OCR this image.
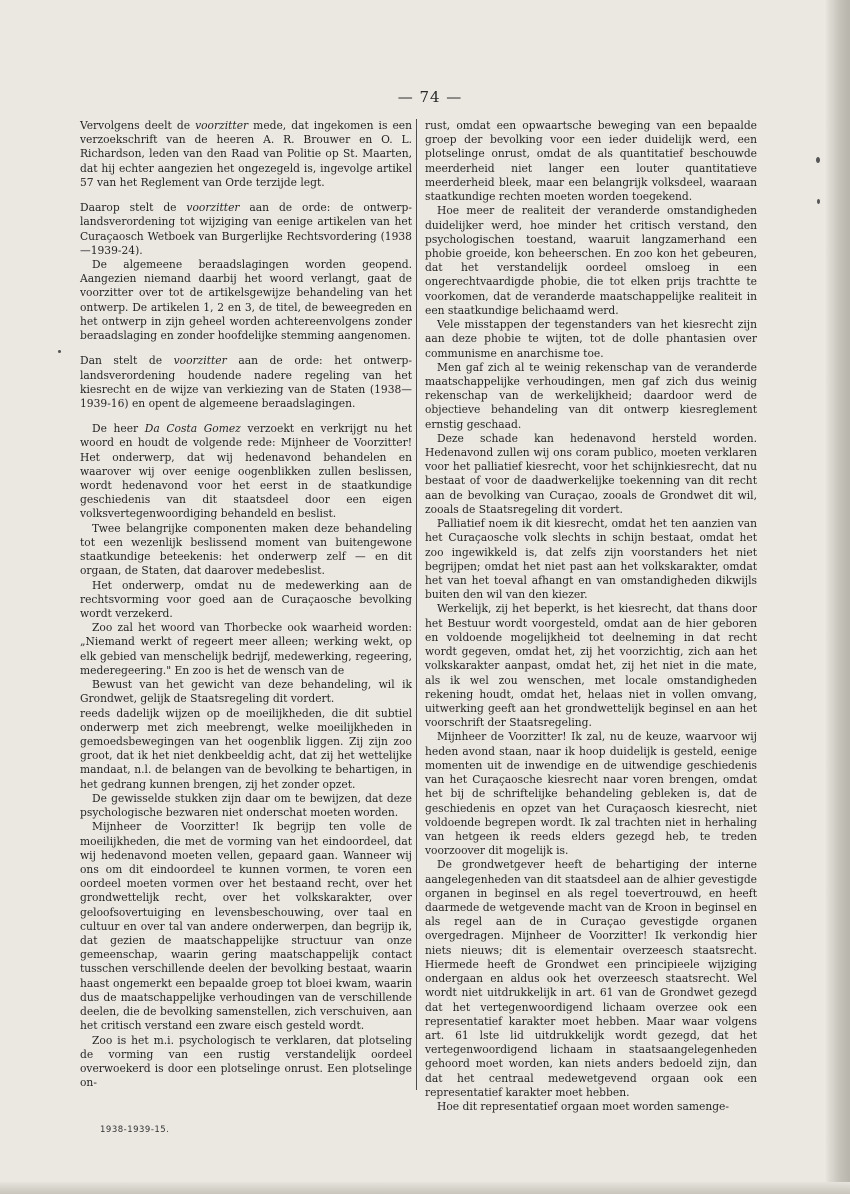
— 74 —

Vervolgens deelt de voorzitter mede, dat ingekomen is een verzoekschrift van de heeren A. R. Brouwer en O. L. Richardson, leden van den Raad van Politie op St. Maarten, dat hij echter aangezien het ongezegeld is, ingevolge artikel 57 van het Reglement van Orde terzijde legt.

Daarop stelt de voorzitter aan de orde: de ontwerp-landsverordening tot wijziging van eenige artikelen van het Curaçaosch Wetboek van Burgerlijke Rechtsvordering (1938—1939-24).

De algemeene beraadslagingen worden geopend. Aangezien niemand daarbij het woord verlangt, gaat de voorzitter over tot de artikelsgewijze behandeling van het ontwerp. De artikelen 1, 2 en 3, de titel, de beweegreden en het ontwerp in zijn geheel worden achtereenvolgens zonder beraadslaging en zonder hoofdelijke stemming aangenomen.

Dan stelt de voorzitter aan de orde: het ontwerp-landsverordening houdende nadere regeling van het kiesrecht en de wijze van verkiezing van de Staten (1938—1939-16) en opent de algemeene beraadslagingen.

De heer Da Costa Gomez verzoekt en verkrijgt nu het woord en houdt de volgende rede: Mijnheer de Voorzitter! Het onderwerp, dat wij hedenavond behandelen en waarover wij over eenige oogenblikken zullen beslissen, wordt hedenavond voor het eerst in de staatkundige geschiedenis van dit staatsdeel door een eigen volksvertegenwoordiging behandeld en beslist.

Twee belangrijke componenten maken deze behandeling tot een wezenlijk beslissend moment van buitengewone staatkundige beteekenis: het onderwerp zelf — en dit orgaan, de Staten, dat daarover medebeslist.

Het onderwerp, omdat nu de medewerking aan de rechtsvorming voor goed aan de Curaçaosche bevolking wordt verzekerd.

Zoo zal het woord van Thorbecke ook waarheid worden: „Niemand werkt of regeert meer alleen; werking wekt, op elk gebied van menschelijk bedrijf, medewerking, regeering, mederegeering." En zoo is het de wensch van de

Bewust van het gewicht van deze behandeling, wil ik Grondwet, gelijk de Staatsregeling dit vordert.

reeds dadelijk wijzen op de moeilijkheden, die dit subtiel onderwerp met zich meebrengt, welke moeilijkheden in gemoedsbewegingen van het oogenblik liggen. Zij zijn zoo groot, dat ik het niet denkbeeldig acht, dat zij het wettelijke mandaat, n.l. de belangen van de bevolking te behartigen, in het gedrang kunnen brengen, zij het zonder opzet.

De gewisselde stukken zijn daar om te bewijzen, dat deze psychologische bezwaren niet onderschat moeten worden.

Mijnheer de Voorzitter! Ik begrijp ten volle de moeilijkheden, die met de vorming van het eindoordeel, dat wij hedenavond moeten vellen, gepaard gaan. Wanneer wij ons om dit eindoordeel te kunnen vormen, te voren een oordeel moeten vormen over het bestaand recht, over het grondwettelijk recht, over het volkskarakter, over geloofsovertuiging en levensbeschouwing, over taal en cultuur en over tal van andere onderwerpen, dan begrijp ik, dat gezien de maatschappelijke structuur van onze gemeenschap, waarin gering maatschappelijk contact tusschen verschillende deelen der bevolking bestaat, waarin haast ongemerkt een bepaalde groep tot bloei kwam, waarin dus de maatschappelijke verhoudingen van de verschillende deelen, die de bevolking samenstellen, zich verschuiven, aan het critisch verstand een zware eisch gesteld wordt.

Zoo is het m.i. psychologisch te verklaren, dat plotseling de vorming van een rustig verstandelijk oordeel overwoekerd is door een plotselinge onrust. Een plotselinge on-

rust, omdat een opwaartsche beweging van een bepaalde groep der bevolking voor een ieder duidelijk werd, een plotselinge onrust, omdat de als quantitatief beschouwde meerderheid niet langer een louter quantitatieve meerderheid bleek, maar een belangrijk volksdeel, waaraan staatkundige rechten moeten worden toegekend.

Hoe meer de realiteit der veranderde omstandigheden duidelijker werd, hoe minder het critisch verstand, den psychologischen toestand, waaruit langzamerhand een phobie groeide, kon beheerschen. En zoo kon het gebeuren, dat het verstandelijk oordeel omsloeg in een ongerechtvaardigde phobie, die tot elken prijs trachtte te voorkomen, dat de veranderde maatschappelijke realiteit in een staatkundige belichaamd werd.

Vele misstappen der tegenstanders van het kiesrecht zijn aan deze phobie te wijten, tot de dolle phantasien over communisme en anarchisme toe.

Men gaf zich al te weinig rekenschap van de veranderde maatschappelijke verhoudingen, men gaf zich dus weinig rekenschap van de werkelijkheid; daardoor werd de objectieve behandeling van dit ontwerp kiesreglement ernstig geschaad.

Deze schade kan hedenavond hersteld worden. Hedenavond zullen wij ons coram publico, moeten verklaren voor het palliatief kiesrecht, voor het schijnkiesrecht, dat nu bestaat of voor de daadwerkelijke toekenning van dit recht aan de bevolking van Curaçao, zooals de Grondwet dit wil, zooals de Staatsregeling dit vordert.

Palliatief noem ik dit kiesrecht, omdat het ten aanzien van het Curaçaosche volk slechts in schijn bestaat, omdat het zoo ingewikkeld is, dat zelfs zijn voorstanders het niet begrijpen; omdat het niet past aan het volkskarakter, omdat het van het toeval afhangt en van omstandigheden dikwijls buiten den wil van den kiezer.

Werkelijk, zij het beperkt, is het kiesrecht, dat thans door het Bestuur wordt voorgesteld, omdat aan de hier geboren en voldoende mogelijkheid tot deelneming in dat recht wordt gegeven, omdat het, zij het voorzichtig, zich aan het volkskarakter aanpast, omdat het, zij het niet in die mate, als ik wel zou wenschen, met locale omstandigheden rekening houdt, omdat het, helaas niet in vollen omvang, uitwerking geeft aan het grondwettelijk beginsel en aan het voorschrift der Staatsregeling.

Mijnheer de Voorzitter! Ik zal, nu de keuze, waarvoor wij heden avond staan, naar ik hoop duidelijk is gesteld, eenige momenten uit de inwendige en de uitwendige geschiedenis van het Curaçaosche kiesrecht naar voren brengen, omdat het bij de schriftelijke behandeling gebleken is, dat de geschiedenis en opzet van het Curaçaosch kiesrecht, niet voldoende begrepen wordt. Ik zal trachten niet in herhaling van hetgeen ik reeds elders gezegd heb, te treden voorzoover dit mogelijk is.

De grondwetgever heeft de behartiging der interne aangelegenheden van dit staatsdeel aan de alhier gevestigde organen in beginsel en als regel toevertrouwd, en heeft daarmede de wetgevende macht van de Kroon in beginsel en als regel aan de in Curaçao gevestigde organen overgedragen. Mijnheer de Voorzitter! Ik verkondig hier niets nieuws; dit is elementair overzeesch staatsrecht. Hiermede heeft de Grondwet een principieele wijziging ondergaan en aldus ook het overzeesch staatsrecht. Wel wordt niet uitdrukkelijk in art. 61 van de Grondwet gezegd dat het vertegenwoordigend lichaam overzee ook een representatief karakter moet hebben. Maar waar volgens art. 61 lste lid uitdrukkelijk wordt gezegd, dat het vertegenwoordigend lichaam in staatsaangelegenheden gehoord moet worden, kan niets anders bedoeld zijn, dan dat het centraal medewetgevend orgaan ook een representatief karakter moet hebben.

Hoe dit representatief orgaan moet worden samenge-

1938-1939-15.
